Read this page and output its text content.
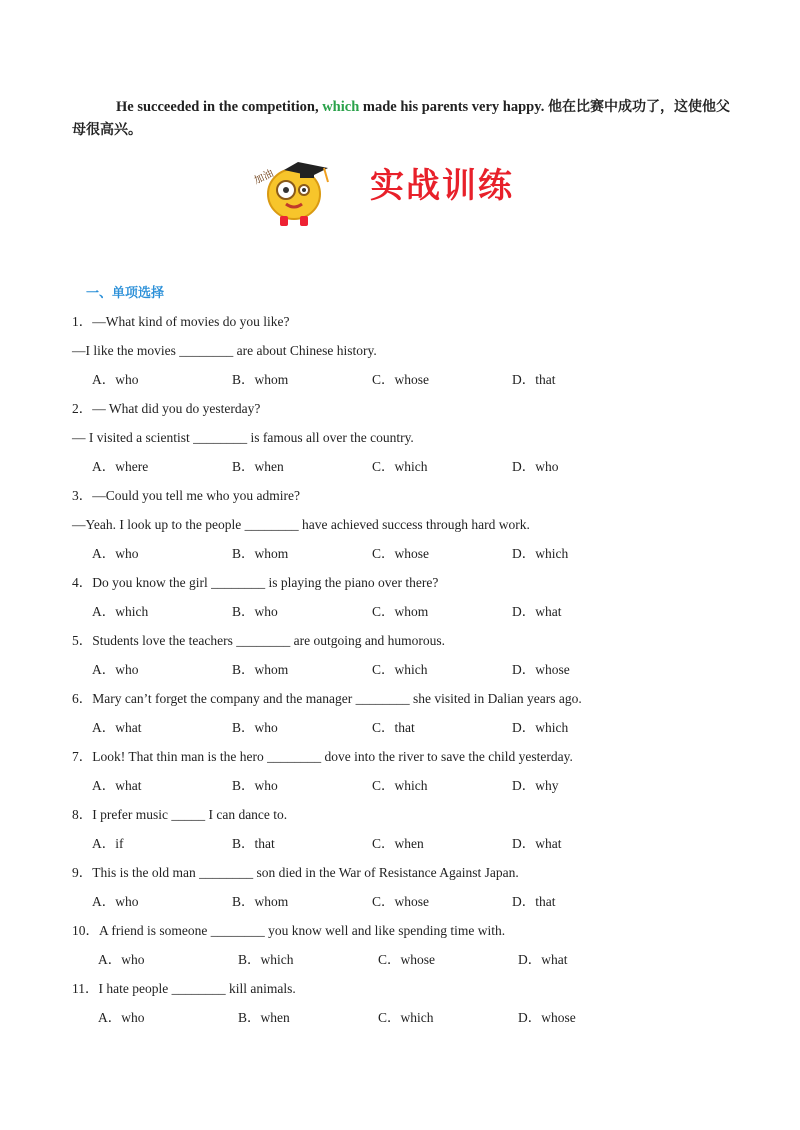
He succeeded in the competition, which made his parents very happy. 他在比赛中成功了，这使他父母很高兴。
加油	实战训练
一、单项选择
1．—What kind of movies do you like?
—I like the movies ________ are about Chinese history.
A．who	B．whom	C．whose	D．that
2．— What did you do yesterday?
— I visited a scientist ________ is famous all over the country.
A．where	B．when	C．which	D．who
3．—Could you tell me who you admire?
—Yeah. I look up to the people ________ have achieved success through hard work.
A．who	B．whom	C．whose	D．which
4．Do you know the girl ________ is playing the piano over there?
A．which	B．who	C．whom	D．what
5．Students love the teachers ________ are outgoing and humorous.
A．who	B．whom	C．which	D．whose
6．Mary can’t forget the company and the manager ________ she visited in Dalian years ago.
A．what	B．who	C．that	D．which
7．Look! That thin man is the hero ________ dove into the river to save the child yesterday.
A．what	B．who	C．which	D．why
8．I prefer music _____ I can dance to.
A．if	B．that	C．when	D．what
9．This is the old man ________ son died in the War of Resistance Against Japan.
A．who	B．whom	C．whose	D．that
10．A friend is someone ________ you know well and like spending time with.
A．who	B．which	C．whose	D．what
11．I hate people ________ kill animals.
A．who	B．when	C．which	D．whose
